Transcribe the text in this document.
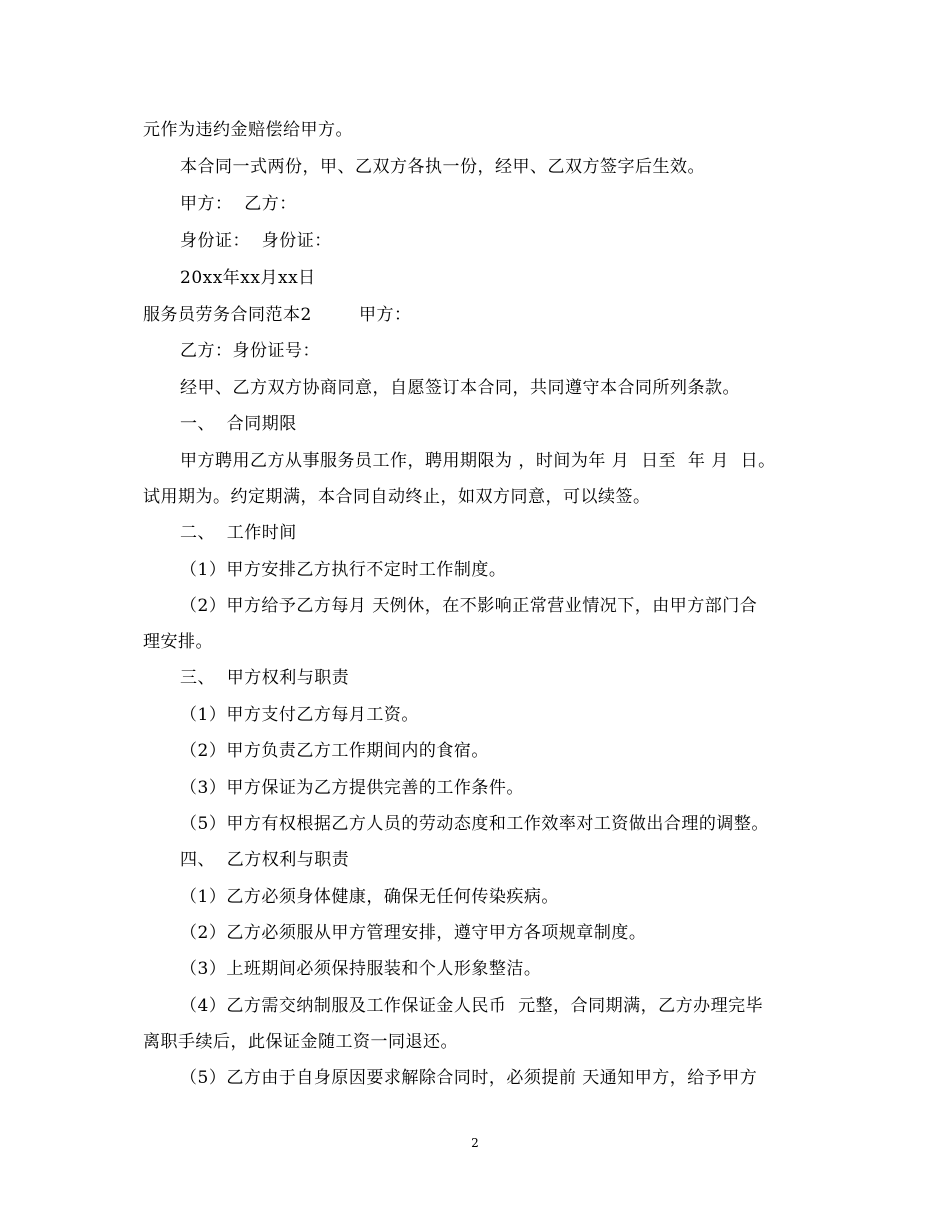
元作为违约金赔偿给甲方。
本合同一式两份，甲、乙双方各执一份，经甲、乙双方签字后生效。
甲方：  乙方：
身份证：  身份证：
20xx年xx月xx日
服务员劳务合同范本2        甲方：
乙方：身份证号：
经甲、乙方双方协商同意，自愿签订本合同，共同遵守本合同所列条款。
一、  合同期限
甲方聘用乙方从事服务员工作，聘用期限为 ，时间为年 月  日至  年 月  日。
试用期为。约定期满，本合同自动终止，如双方同意，可以续签。
二、  工作时间
（1）甲方安排乙方执行不定时工作制度。
（2）甲方给予乙方每月 天例休，在不影响正常营业情况下，由甲方部门合
理安排。
三、  甲方权利与职责
（1）甲方支付乙方每月工资。
（2）甲方负责乙方工作期间内的食宿。
（3）甲方保证为乙方提供完善的工作条件。
（5）甲方有权根据乙方人员的劳动态度和工作效率对工资做出合理的调整。
四、  乙方权利与职责
（1）乙方必须身体健康，确保无任何传染疾病。
（2）乙方必须服从甲方管理安排，遵守甲方各项规章制度。
（3）上班期间必须保持服装和个人形象整洁。
（4）乙方需交纳制服及工作保证金人民币  元整，合同期满，乙方办理完毕
离职手续后，此保证金随工资一同退还。
（5）乙方由于自身原因要求解除合同时，必须提前 天通知甲方，给予甲方
2
